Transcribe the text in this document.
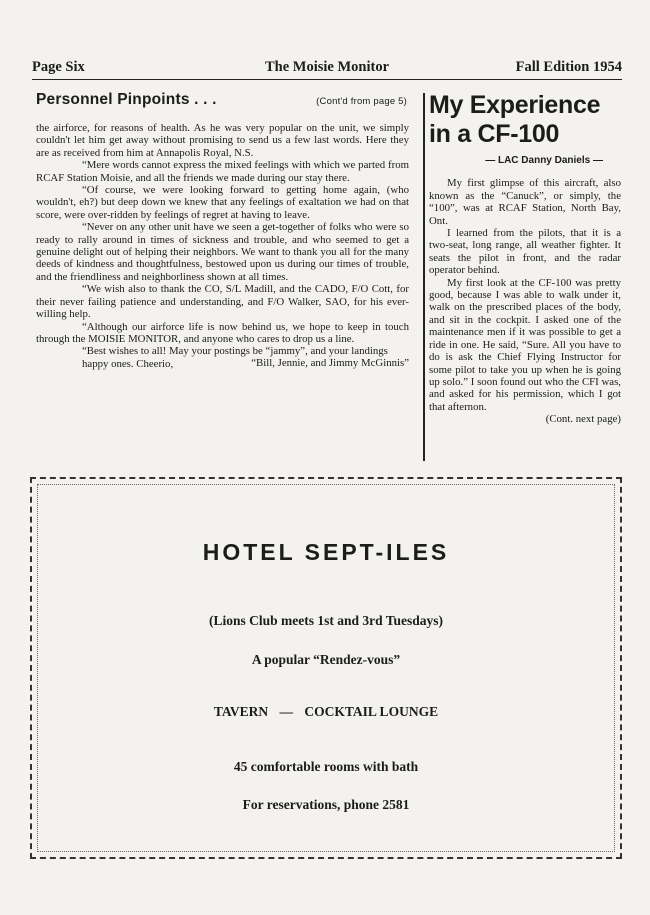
Page Six	The Moisie Monitor	Fall Edition 1954
Personnel Pinpoints . . .	(Cont'd from page 5)

the airforce, for reasons of health. As he was very popular on the unit, we simply couldn't let him get away without promising to send us a few last words. Here they are as received from him at Annapolis Royal, N.S.

“Mere words cannot express the mixed feelings with which we parted from RCAF Station Moisie, and all the friends we made during our stay there.

“Of course, we were looking forward to getting home again, (who wouldn't, eh?) but deep down we knew that any feelings of exaltation we had on that score, were over-ridden by feelings of regret at having to leave.

“Never on any other unit have we seen a get-together of folks who were so ready to rally around in times of sickness and trouble, and who seemed to get a genuine delight out of helping their neighbors. We want to thank you all for the many deeds of kindness and thoughtfulness, bestowed upon us during our times of trouble, and the friendliness and neighborliness shown at all times.

“We wish also to thank the CO, S/L Madill, and the CADO, F/O Cott, for their never failing patience and understanding, and F/O Walker, SAO, for his ever-willing help.

“Although our airforce life is now behind us, we hope to keep in touch through the MOISIE MONITOR, and anyone who cares to drop us a line.

“Best wishes to all! May your postings be “jammy”, and your landings happy ones. Cheerio,	“Bill, Jennie, and Jimmy McGinnis”
My Experience in a CF-100
— LAC Danny Daniels —

My first glimpse of this aircraft, also known as the “Canuck”, or simply, the “100”, was at RCAF Station, North Bay, Ont.

I learned from the pilots, that it is a two-seat, long range, all weather fighter. It seats the pilot in front, and the radar operator behind.

My first look at the CF-100 was pretty good, because I was able to walk under it, walk on the prescribed places of the body, and sit in the cockpit. I asked one of the maintenance men if it was possible to get a ride in one. He said, “Sure. All you have to do is ask the Chief Flying Instructor for some pilot to take you up when he is going up solo.” I soon found out who the CFI was, and asked for his permission, which I got that afternon.

(Cont. next page)
HOTEL SEPT-ILES
(Lions Club meets 1st and 3rd Tuesdays)
A popular “Rendez-vous”
TAVERN — COCKTAIL LOUNGE
45 comfortable rooms with bath
For reservations, phone 2581
